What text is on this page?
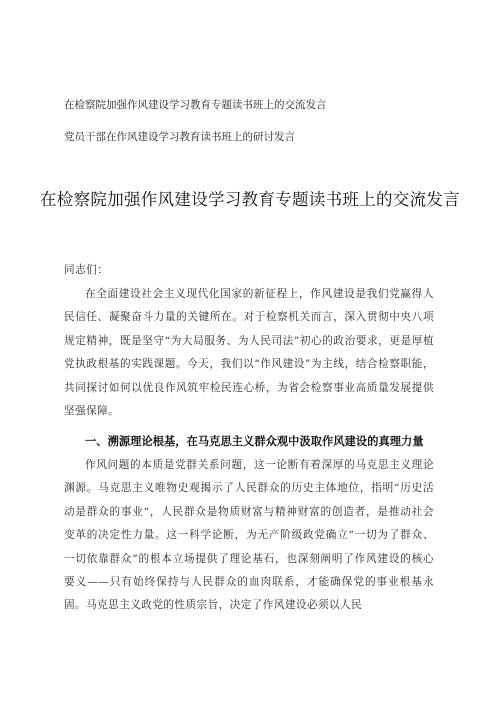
在检察院加强作风建设学习教育专题读书班上的交流发言
党员干部在作风建设学习教育读书班上的研讨发言
在检察院加强作风建设学习教育专题读书班上的交流发言
同志们：
在全面建设社会主义现代化国家的新征程上，作风建设是我们党赢得人民信任、凝聚奋斗力量的关键所在。对于检察机关而言，深入贯彻中央八项规定精神，既是坚守“为大局服务、为人民司法”初心的政治要求，更是厚植党执政根基的实践课题。今天，我们以“作风建设”为主线，结合检察职能，共同探讨如何以优良作风筑牢检民连心桥，为省会检察事业高质量发展提供坚强保障。
一、溯源理论根基，在马克思主义群众观中汲取作风建设的真理力量
作风问题的本质是党群关系问题，这一论断有着深厚的马克思主义理论渊源。马克思主义唯物史观揭示了人民群众的历史主体地位，指明“历史活动是群众的事业“，人民群众是物质财富与精神财富的创造者，是推动社会变革的决定性力量。这一科学论断，为无产阶级政党确立“一切为了群众、一切依靠群众”的根本立场提供了理论基石，也深刻阐明了作风建设的核心要义——只有始终保持与人民群众的血肉联系，才能确保党的事业根基永固。马克思主义政党的性质宗旨，决定了作风建设必须以人民
